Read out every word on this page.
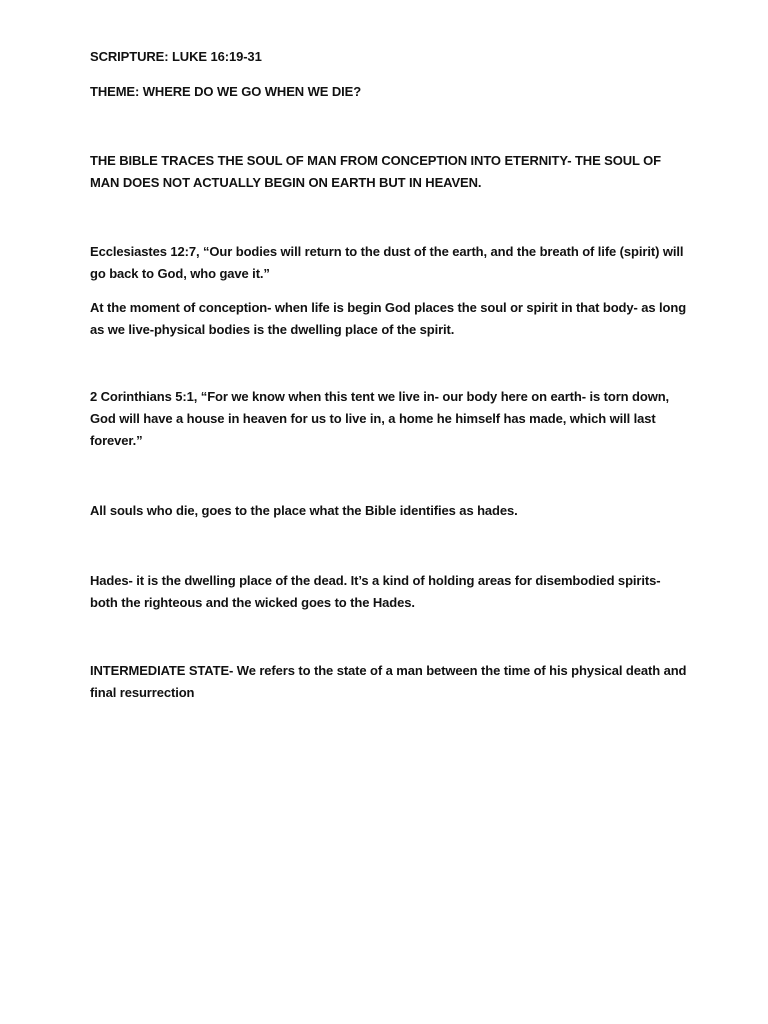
SCRIPTURE: LUKE 16:19-31

THEME: WHERE DO WE GO WHEN WE DIE?

THE BIBLE TRACES THE SOUL OF MAN FROM CONCEPTION INTO ETERNITY- THE SOUL OF MAN DOES NOT ACTUALLY BEGIN ON EARTH BUT IN HEAVEN.

Ecclesiastes 12:7, “Our bodies will return to the dust of the earth, and the breath of life (spirit) will go back to God, who gave it.”

At the moment of conception- when life is begin God places the soul or spirit in that body- as long as we live-physical bodies is the dwelling place of the spirit.

2 Corinthians 5:1, “For we know when this tent we live in- our body here on earth- is torn down, God will have a house in heaven for us to live in, a home he himself has made, which will last forever.”

All souls who die, goes to the place what the Bible identifies as hades.

Hades- it is the dwelling place of the dead. It’s a kind of holding areas for disembodied spirits- both the righteous and the wicked goes to the Hades.

INTERMEDIATE STATE- We refers to the state of a man between the time of his physical death and final resurrection
